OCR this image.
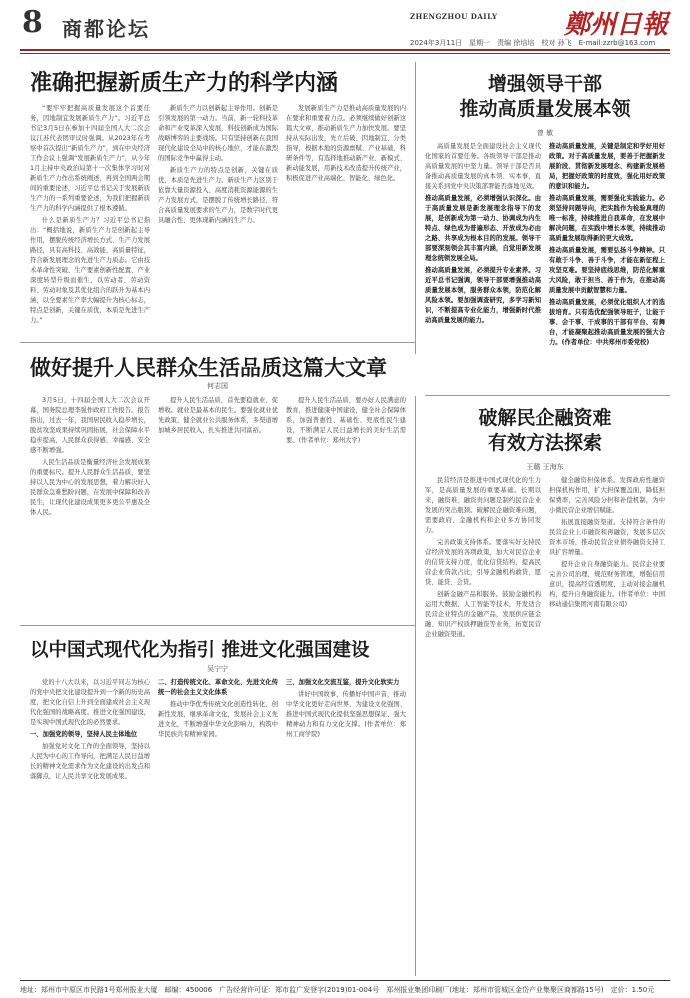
8 商都论坛
ZHENGZHOU DAILY	鄭州日報
2024年3月11日　星期一　责编 徐培培　校对 孙飞　E-mail:zzrb@163.com
准确把握新质生产力的科学内涵

“要牢牢把握高质量发展这个首要任务，因地制宜发展新质生产力”。习近平总书记3月5日在参加十四届全国人大二次会议江苏代表团审议时强调。从2023年在考察中首次提出“新质生产力”，到在中央经济工作会议上强调“发展新质生产力”，从今年1月主持中央政治局第十一次集体学习时对新质生产力作出系统阐述，再到全国两会期间的重要论述，习近平总书记关于发展新质生产力的一系列重要论述，为我们把握新质生产力的科学内涵提供了根本遵循。

什么是新质生产力？习近平总书记指出：“概括地说，新质生产力是创新起主导作用，摆脱传统经济增长方式、生产力发展路径，具有高科技、高效能、高质量特征，符合新发展理念的先进生产力质态。它由技术革命性突破、生产要素创新性配置、产业深度转型升级而催生，以劳动者、劳动资料、劳动对象及其优化组合的跃升为基本内涵，以全要素生产率大幅提升为核心标志，特点是创新，关键在质优，本质是先进生产力。”

新质生产力以创新起主导作用。创新是引领发展的第一动力。当前，新一轮科技革命和产业变革深入发展，科技创新成为国际战略博弈的主要战场。只有坚持创新在我国现代化建设全局中的核心地位，才能在激烈的国际竞争中赢得主动。

新质生产力的特点是创新，关键在质优，本质是先进生产力。新质生产力区别于依靠大量资源投入、高度消耗资源能源的生产力发展方式，是摆脱了传统增长路径、符合高质量发展要求的生产力，是数字时代更具融合性、更体现新内涵的生产力。

发展新质生产力是推动高质量发展的内在要求和重要着力点。必须继续做好创新这篇大文章，推动新质生产力加快发展。要坚持从实际出发，先立后破、因地制宜、分类指导，根据本地的资源禀赋、产业基础、科研条件等，有选择地推动新产业、新模式、新动能发展，用新技术改造提升传统产业，积极促进产业高端化、智能化、绿色化。

增强领导干部
推动高质量发展本领
曾 敏

高质量发展是全面建设社会主义现代化国家的首要任务。各级领导干部是推动高质量发展的中坚力量。领导干部是否具备推动高质量发展的真本领、实本事，直接关系到党中央决策部署能否落地见效。

推动高质量发展，必须增强认识深化。由于高质量发展是新发展理念指导下的发展，是创新成为第一动力、协调成为内生特点、绿色成为普遍形态、开放成为必由之路、共享成为根本目的的发展。领导干部要深刻领会其丰富内涵，自觉用新发展理念统领发展全局。

推动高质量发展，必须提升专业素养。习近平总书记强调，领导干部要增强推动高质量发展本领，服务群众本领，防范化解风险本领。要加强调查研究，多学习新知识，不断提高专业化能力，增强新时代推动高质量发展的能力。

推动高质量发展，关键是制定和学好用好政策。对于高质量发展，要善于把握新发展阶段、贯彻新发展理念、构建新发展格局，把握好政策的时度效，强化用好政策的意识和能力。

推动高质量发展，需要强化实践能力。必须坚持问题导向，把实践作为检验真理的唯一标准，持续推进自我革命，在发展中解决问题，在实践中增长本领，持续推动高质量发展取得新的更大成效。

推动高质量发展，需要弘扬斗争精神。只有敢于斗争、善于斗争，才能在新征程上攻坚克难。要坚持底线思维，防范化解重大风险，敢于担当、善于作为，在推动高质量发展中贡献智慧和力量。

推动高质量发展，必须优化组织人才的选拔培育。只有选优配强领导班子，让能干事、会干事、干成事的干部有平台、有舞台，才能凝聚起推动高质量发展的强大合力。(作者单位：中共郑州市委党校)

做好提升人民群众生活品质这篇大文章
何志国

3月5日，十四届全国人大二次会议开幕，国务院总理李强作政府工作报告。报告指出，过去一年，我国居民收入稳步增长，脱贫攻坚成果持续巩固拓展，社会保障水平稳步提高，人民群众获得感、幸福感、安全感不断增强。

人民生活品质是衡量经济社会发展成果的重要标尺。提升人民群众生活品质，要坚持以人民为中心的发展思想，着力解决好人民群众急难愁盼问题，在发展中保障和改善民生，让现代化建设成果更多更公平惠及全体人民。

提升人民生活品质，首先要稳就业、促增收。就业是最基本的民生。要强化就业优先政策，健全就业公共服务体系，多渠道增加城乡居民收入，扎实推进共同富裕。

提升人民生活品质，要办好人民满意的教育，推进健康中国建设，健全社会保障体系，加强普惠性、基础性、兜底性民生建设，不断满足人民日益增长的美好生活需要。(作者单位：郑州大学)

破解民企融资难
有效方法探索
王璐 王海东

民营经济是推进中国式现代化的生力军，是高质量发展的重要基础。长期以来，融资难、融资贵问题是制约民营企业发展的突出瓶颈。破解民企融资难问题，需要政府、金融机构和企业多方协同发力。

完善政策支持体系。要落实好支持民营经济发展的各项政策，加大对民营企业的信贷支持力度，优化信贷结构，提高民营企业贷款占比，引导金融机构敢贷、愿贷、能贷、会贷。

创新金融产品和服务。鼓励金融机构运用大数据、人工智能等技术，开发适合民营企业特点的金融产品，发展供应链金融、知识产权质押融资等业务，拓宽民营企业融资渠道。

健全融资担保体系。发挥政府性融资担保机构作用，扩大担保覆盖面，降低担保费率，完善风险分担和补偿机制，为中小微民营企业增信赋能。

拓展直接融资渠道。支持符合条件的民营企业上市融资和再融资，发展多层次资本市场，推动民营企业债券融资支持工具扩容增量。

提升企业自身融资能力。民营企业要完善公司治理，规范财务管理，增强信用意识，提高经营透明度，主动对接金融机构，提升自身融资能力。(作者单位：中国移动通信集团河南有限公司)

以中国式现代化为指引 推进文化强国建设
吴宁宁

党的十八大以来，以习近平同志为核心的党中央把文化建设提升到一个新的历史高度，把文化自信上升到全面建成社会主义现代化强国的战略高度。推进文化强国建设，是实现中国式现代化的必然要求。

一、加强党的领导，坚持人民主体地位

加强党对文化工作的全面领导，坚持以人民为中心的工作导向，把满足人民日益增长的精神文化需求作为文化建设的出发点和落脚点，让人民共享文化发展成果。

二、打造传统文化、革命文化、先进文化传统一的社会主义文化体系

推动中华优秀传统文化创造性转化、创新性发展，继承革命文化，发展社会主义先进文化，不断增强中华文化影响力，构筑中华民族共有精神家园。

三、加强文化交流互鉴，提升文化软实力

讲好中国故事，传播好中国声音，推动中华文化更好走向世界，为建设文化强国、推进中国式现代化提供坚强思想保证、强大精神动力和有力文化支撑。(作者单位：郑州工商学院)

地址：郑州市中原区市民路1号郑州报业大厦　邮编：450006　广告经营许可证：郑市监广发登字(2019)01-004号　郑州报业集团印刷厂(地址：郑州市管城区金岱产业集聚区商都路15号)　定价：1.50元
